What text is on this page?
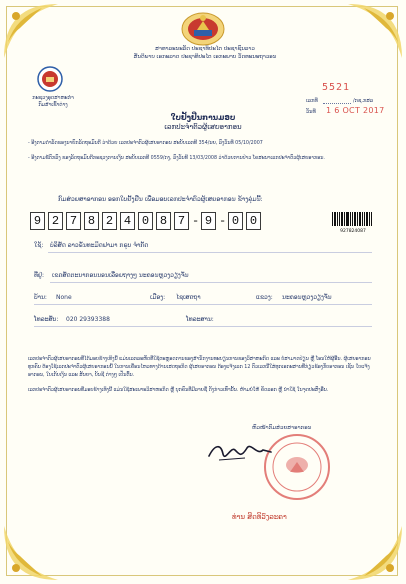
ສາທາລະນະລັດ ປະຊາທິປະໄຕ ປະຊາຊົນລາວ
ສັນຕິພາບ ເອກະລາດ ປະຊາທິປະໄຕ ເອກະພາບ ວັດທະນະຖາວອນ
ກະຊວງອຸດສາຫະກຳ
ກົມສໍາເຂົ້າຕ່າງ
5521
ເລກທີ	/ກຊ.ກສລ
ວັນທີ 1 6 OCT 2017
ໃບຢັ້ງຢືນການມອບ
ເລກປະຈໍາຕົວຜູ້ເສຍອາກອນ
- ອີງຕາມດຳລັດຂອງນາຍົກລັດຖະມົນຕີ ວ່າດ້ວຍ ເລກປະຈໍາຕົວຜູ້ເສຍອາກອນ ສະບັບເລກທີ 354/ນຍ, ລົງວັນທີ 05/10/2007
- ອີງຕາມຂໍ້ຕົກລົງ ຂອງລັດຖະມົນຕີກະຊວງການເງິນ ສະບັບເລກທີ 0559/ກງ, ລົງວັນທີ 13/03/2008 ວ່າດ້ວຍການປ່າວ ໂຄສະນາເລກປະຈຳຕົວຜູ້ເສຍອາກອນ.
ກົມສ່ວຍສາອາກອນ ອອກໃບຢັ້ງຢືນ ເພື່ອມອບເລກປະຈຳຕົວຜູ້ເສຍອາກອນ ຂ້າງລຸ່ມນີ້:
9 2 7 8 2 4 0 8 7 - 9 - 0 0
927824087
ໃຊ້: ບໍລິສັດ ລາວຣັນທະມິດຟາມາ ກຣຸບ ຈຳກັດ
ທີ່ຢູ່: ເຂດສັດຕະນາກອນນອນເລື່ອຍຖາງໆ ນະຄອນຫຼວງວຽງຈັນ
ບ້ານ: None	ເມືອງ: ໄຊເສດຖາ	ແຂວງ: ນະຄອນຫຼວງວຽງຈັນ
ໂທລະສັບ: 020 29393388	ໂທລະສານ:
ເລກປະຈໍາຕົວຜູ້ເສຍອາກອນທີ່ໄດ້ມອບຂ້າງເທິງນີ້ ແມ່ນເລກລະຫັດທີ່ໃຊ້ຕະຫຼອດການຂອງສຳນັກງານທະບຽນການຂອງວິສາຫະກິດ ແລະ ບໍ່ສາມາດປ່ຽນ ຫຼື ໂອນໃຫ້ຜູ້ອື່ນ. ຜູ້ເສຍອາກອນທຸກຄົນ ຕ້ອງໃຊ້ເລກປະຈຳຕົວຜູ້ເສຍອາກອນນີ້ ໃນການເຄື່ອນໄຫວທາງດ້ານເສດຖະກິດ ຜູ້ເສຍອາກອນ ຕ້ອງແຈ້ງເລກ 12 ຕົວເລກນີ້ໃສ່ທຸກເອກະສານທີ່ກ່ຽວຂ້ອງກັບອາກອນ ເຊັ່ນ ໃບແຈ້ງອາກອນ, ໃບເກັບເງິນ ແລະ ສັນຍາ, ບັນຊີ ຕ່າງໆ ເປັນຕົ້ນ.
ເລກປະຈໍາຕົວຜູ້ເສຍອາກອນທີ່ມອບຂ້າງເທິງນີ້ ແມ່ນໃຊ້ສະເພາະວິສາຫະກິດ ຫຼື ບຸກຄົນທີ່ມີລາຍຊື່ ດັ່ງກ່າວເທົ່ານັ້ນ. ຫ້າມບໍ່ໃຫ້ ຄັດລອກ ຫຼື ນຳໃຊ້ ໃນຈຸດປະສົງອື່ນ.
ຫົວໜ້າກົມສ່ວຍສາອາກອນ
ທ່ານ ສິດທິວົງລະຄາ
